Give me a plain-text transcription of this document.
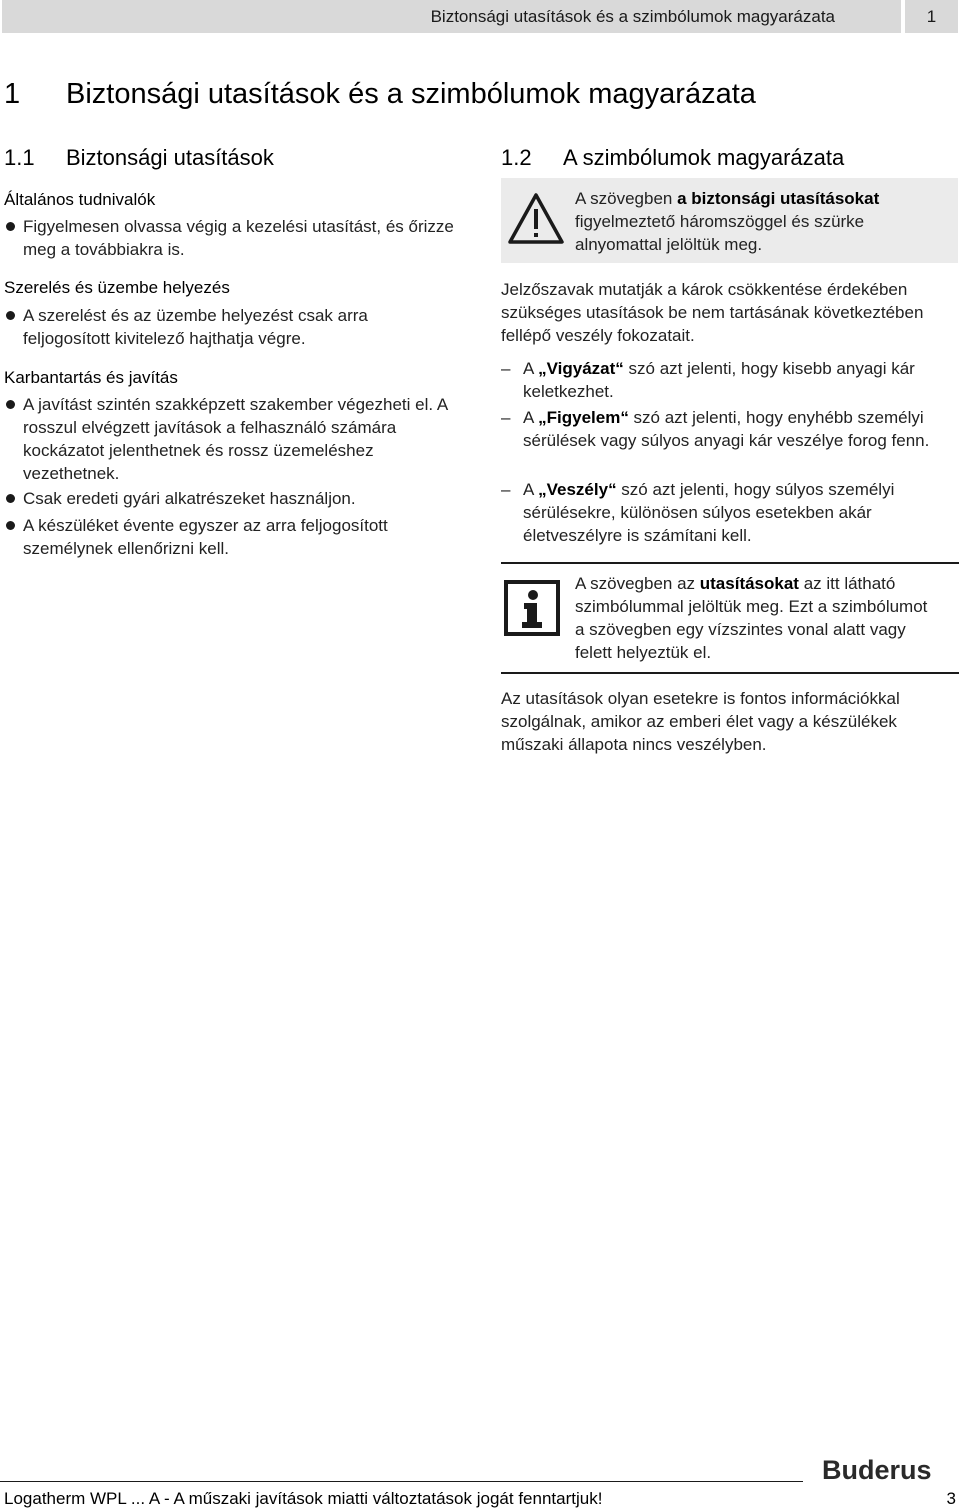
Biztonsági utasítások és a szimbólumok magyarázata	1
1 Biztonsági utasítások és a szimbólumok magyarázata
1.1 Biztonsági utasítások
Általános tudnivalók
Figyelmesen olvassa végig a kezelési utasítást, és őrizze meg a továbbiakra is.
Szerelés és üzembe helyezés
A szerelést és az üzembe helyezést csak arra feljogosított kivitelező hajthatja végre.
Karbantartás és javítás
A javítást szintén szakképzett szakember végezheti el. A rosszul elvégzett javítások a felhasználó számára kockázatot jelenthetnek és rossz üzemeléshez vezethetnek.
Csak eredeti gyári alkatrészeket használjon.
A készüléket évente egyszer az arra feljogosított személynek ellenőrizni kell.
1.2 A szimbólumok magyarázata
A szövegben a biztonsági utasításokat figyelmeztető háromszöggel és szürke alnyomattal jelöltük meg.
Jelzőszavak mutatják a károk csökkentése érdekében szükséges utasítások be nem tartásának következtében fellépő veszély fokozatait.
– A „Vigyázat“ szó azt jelenti, hogy kisebb anyagi kár keletkezhet.
– A „Figyelem“ szó azt jelenti, hogy enyhébb személyi sérülések vagy súlyos anyagi kár veszélye forog fenn.
– A „Veszély“ szó azt jelenti, hogy súlyos személyi sérülésekre, különösen súlyos esetekben akár életveszélyre is számítani kell.
A szövegben az utasításokat az itt látható szimbólummal jelöltük meg. Ezt a szimbólumot a szövegben egy vízszintes vonal alatt vagy felett helyeztük el.
Az utasítások olyan esetekre is fontos információkkal szolgálnak, amikor az emberi élet vagy a készülékek műszaki állapota nincs veszélyben.
Buderus
Logatherm WPL ... A - A műszaki javítások miatti változtatások jogát fenntartjuk!	3
